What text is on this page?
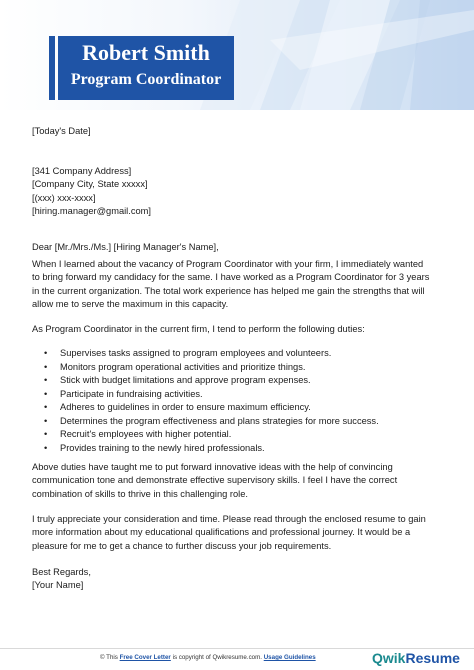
Robert Smith
Program Coordinator
[Today's Date]
[341 Company Address]
[Company City, State xxxxx]
[(xxx) xxx-xxxx]
[hiring.manager@gmail.com]
Dear [Mr./Mrs./Ms.] [Hiring Manager's Name],
When I learned about the vacancy of Program Coordinator with your firm, I immediately wanted
to bring forward my candidacy for the same. I have worked as a Program Coordinator for 3 years
in the current organization. The total work experience has helped me gain the strengths that will
allow me to serve the maximum in this capacity.
As Program Coordinator in the current firm, I tend to perform the following duties:
• Supervises tasks assigned to program employees and volunteers.
• Monitors program operational activities and prioritize things.
• Stick with budget limitations and approve program expenses.
• Participate in fundraising activities.
• Adheres to guidelines in order to ensure maximum efficiency.
• Determines the program effectiveness and plans strategies for more success.
• Recruit's employees with higher potential.
• Provides training to the newly hired professionals.
Above duties have taught me to put forward innovative ideas with the help of convincing
communication tone and demonstrate effective supervisory skills. I feel I have the correct
combination of skills to thrive in this challenging role.
I truly appreciate your consideration and time. Please read through the enclosed resume to gain
more information about my educational qualifications and professional journey. It would be a
pleasure for me to get a chance to further discuss your job requirements.
Best Regards,
[Your Name]
© This Free Cover Letter is copyright of Qwikresume.com. Usage Guidelines	QwikResume
